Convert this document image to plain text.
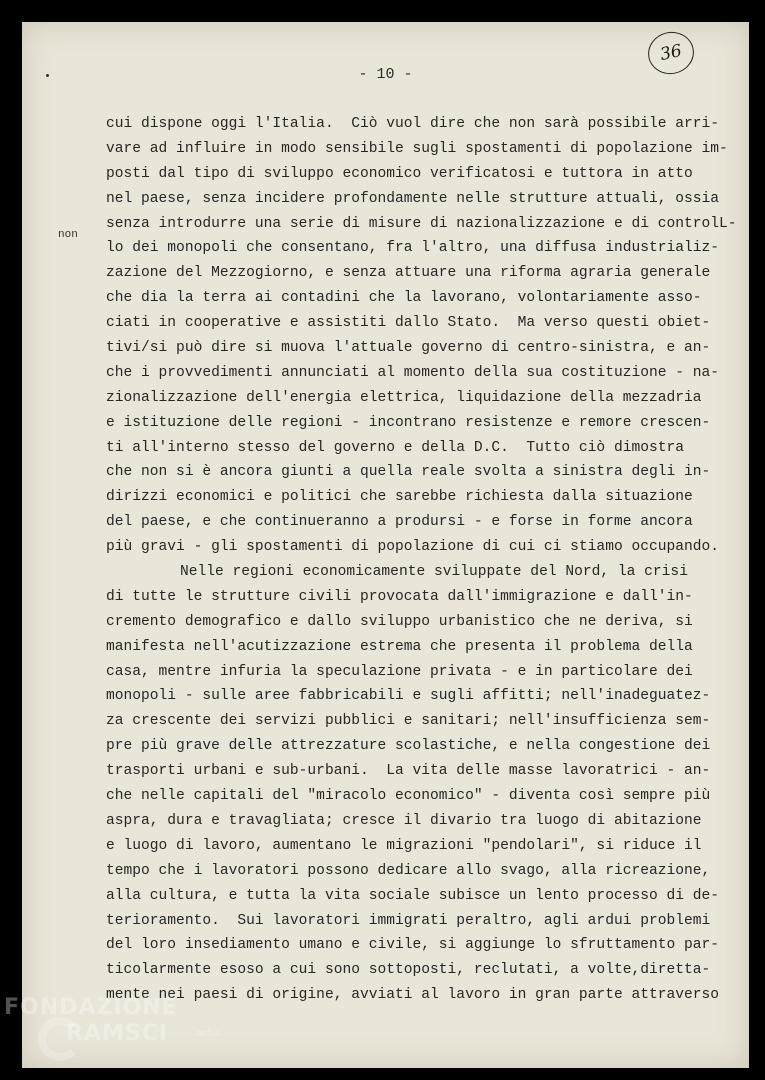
- 10 -
36
non
cui dispone oggi l'Italia.  Ciò vuol dire che non sarà possibile arri-
vare ad influire in modo sensibile sugli spostamenti di popolazione im-
posti dal tipo di sviluppo economico verificatosi e tuttora in atto
nel paese, senza incidere profondamente nelle strutture attuali, ossia
senza introdurre una serie di misure di nazionalizzazione e di controlL-
lo dei monopoli che consentano, fra l'altro, una diffusa industrializ-
zazione del Mezzogiorno, e senza attuare una riforma agraria generale
che dia la terra ai contadini che la lavorano, volontariamente asso-
ciati in cooperative e assistiti dallo Stato.  Ma verso questi obiet-
tivi/si può dire si muova l'attuale governo di centro-sinistra, e an-
che i provvedimenti annunciati al momento della sua costituzione - na-
zionalizzazione dell'energia elettrica, liquidazione della mezzadria
e istituzione delle regioni - incontrano resistenze e remore crescen-
ti all'interno stesso del governo e della D.C.  Tutto ciò dimostra
che non si è ancora giunti a quella reale svolta a sinistra degli in-
dirizzi economici e politici che sarebbe richiesta dalla situazione
del paese, e che continueranno a prodursi - e forse in forme ancora
più gravi - gli spostamenti di popolazione di cui ci stiamo occupando.
Nelle regioni economicamente sviluppate del Nord, la crisi
di tutte le strutture civili provocata dall'immigrazione e dall'in-
cremento demografico e dallo sviluppo urbanistico che ne deriva, si
manifesta nell'acutizzazione estrema che presenta il problema della
casa, mentre infuria la speculazione privata - e in particolare dei
monopoli - sulle aree fabbricabili e sugli affitti; nell'inadeguatez-
za crescente dei servizi pubblici e sanitari; nell'insufficienza sem-
pre più grave delle attrezzature scolastiche, e nella congestione dei
trasporti urbani e sub-urbani.  La vita delle masse lavoratrici - an-
che nelle capitali del "miracolo economico" - diventa così sempre più
aspra, dura e travagliata; cresce il divario tra luogo di abitazione
e luogo di lavoro, aumentano le migrazioni "pendolari", si riduce il
tempo che i lavoratori possono dedicare allo svago, alla ricreazione,
alla cultura, e tutta la vita sociale subisce un lento processo di de-
terioramento.  Sui lavoratori immigrati peraltro, agli ardui problemi
del loro insediamento umano e civile, si aggiunge lo sfruttamento par-
ticolarmente esoso a cui sono sottoposti, reclutati, a volte,diretta-
mente nei paesi di origine, avviati al lavoro in gran parte attraverso
FONDAZIONE
RAMSCI	onlus
